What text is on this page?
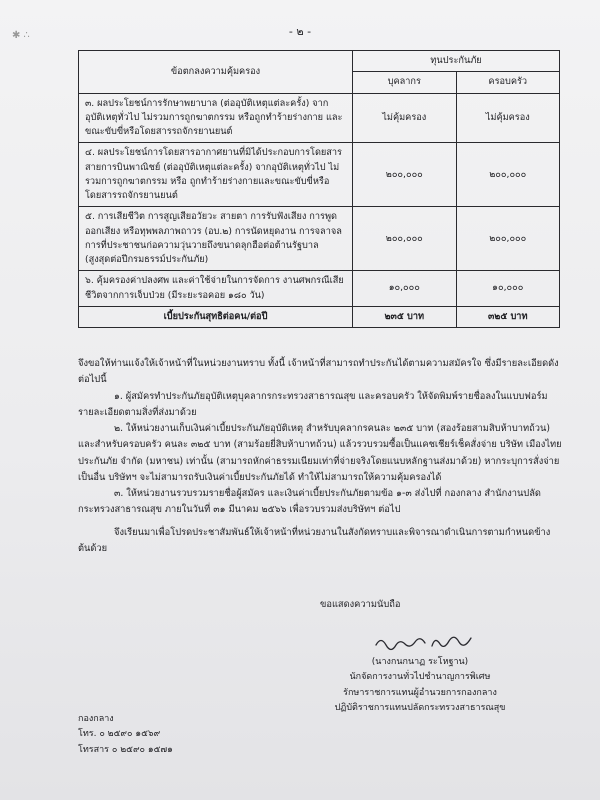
✱ ∴	- ๒ -
ข้อตกลงความคุ้มครอง	ทุนประกันภัย	
	บุคลากร	ครอบครัว
๓. ผลประโยชน์การรักษาพยาบาล (ต่ออุบัติเหตุแต่ละครั้ง) จากอุบัติเหตุทั่วไป ไม่รวมการถูกฆาตกรรม หรือถูกทำร้ายร่างกาย และขณะขับขี่หรือโดยสารรถจักรยานยนต์	ไม่คุ้มครอง	ไม่คุ้มครอง
๔. ผลประโยชน์การโดยสารอากาศยานที่มิได้ประกอบการโดยสารสายการบินพาณิชย์ (ต่ออุบัติเหตุแต่ละครั้ง) จากอุบัติเหตุทั่วไป ไม่รวมการถูกฆาตกรรม หรือ ถูกทำร้ายร่างกายและขณะขับขี่หรือโดยสารรถจักรยานยนต์	๒๐๐,๐๐๐	๒๐๐,๐๐๐
๕. การเสียชีวิต การสูญเสียอวัยวะ สายตา การรับฟังเสียง การพูดออกเสียง หรือทุพพลภาพถาวร (อบ.๒) การนัดหยุดงาน การจลาจล การที่ประชาชนก่อความวุ่นวายถึงขนาดลุกฮือต่อต้านรัฐบาล (สูงสุดต่อปีกรมธรรม์ประกันภัย)	๒๐๐,๐๐๐	๒๐๐,๐๐๐
๖. คุ้มครองค่าปลงศพ และค่าใช้จ่ายในการจัดการ งานศพกรณีเสียชีวิตจากการเจ็บป่วย (มีระยะรอคอย ๑๘๐ วัน)	๑๐,๐๐๐	๑๐,๐๐๐
เบี้ยประกันสุทธิต่อคน/ต่อปี	๒๓๕ บาท	๓๒๕ บาท

จึงขอให้ท่านแจ้งให้เจ้าหน้าที่ในหน่วยงานทราบ ทั้งนี้ เจ้าหน้าที่สามารถทำประกันได้ตามความสมัครใจ ซึ่งมีรายละเอียดดังต่อไปนี้

๑. ผู้สมัครทำประกันภัยอุบัติเหตุบุคลากรกระทรวงสาธารณสุข และครอบครัว ให้จัดพิมพ์รายชื่อลงในแบบฟอร์ม รายละเอียดตามสิ่งที่ส่งมาด้วย

๒. ให้หน่วยงานเก็บเงินค่าเบี้ยประกันภัยอุบัติเหตุ สำหรับบุคลากรคนละ ๒๓๕ บาท (สองร้อยสามสิบห้าบาทถ้วน) และสำหรับครอบครัว คนละ ๓๒๕ บาท (สามร้อยยี่สิบห้าบาทถ้วน) แล้วรวบรวมซื้อเป็นแคชเชียร์เช็คสั่งจ่าย บริษัท เมืองไทยประกันภัย จำกัด (มหาชน) เท่านั้น (สามารถหักค่าธรรมเนียมเท่าที่จ่ายจริงโดยแนบหลักฐานส่งมาด้วย) หากระบุการสั่งจ่ายเป็นอื่น บริษัทฯ จะไม่สามารถรับเงินค่าเบี้ยประกันภัยได้ ทำให้ไม่สามารถให้ความคุ้มครองได้

๓. ให้หน่วยงานรวบรวมรายชื่อผู้สมัคร และเงินค่าเบี้ยประกันภัยตามข้อ ๑-๓ ส่งไปที่ กองกลาง สำนักงานปลัดกระทรวงสาธารณสุข ภายในวันที่ ๓๑ มีนาคม ๒๕๖๖ เพื่อรวบรวมส่งบริษัทฯ ต่อไป

จึงเรียนมาเพื่อโปรดประชาสัมพันธ์ให้เจ้าหน้าที่หน่วยงานในสังกัดทราบและพิจารณาดำเนินการตามกำหนดข้างต้นด้วย

ขอแสดงความนับถือ
(นางกนกนาฏ ระโหฐาน)
นักจัดการงานทั่วไปชำนาญการพิเศษ
รักษาราชการแทนผู้อำนวยการกองกลาง
ปฏิบัติราชการแทนปลัดกระทรวงสาธารณสุข
กองกลาง
โทร. ๐ ๒๕๙๐ ๑๕๖๙
โทรสาร ๐ ๒๕๙๐ ๑๕๗๑
